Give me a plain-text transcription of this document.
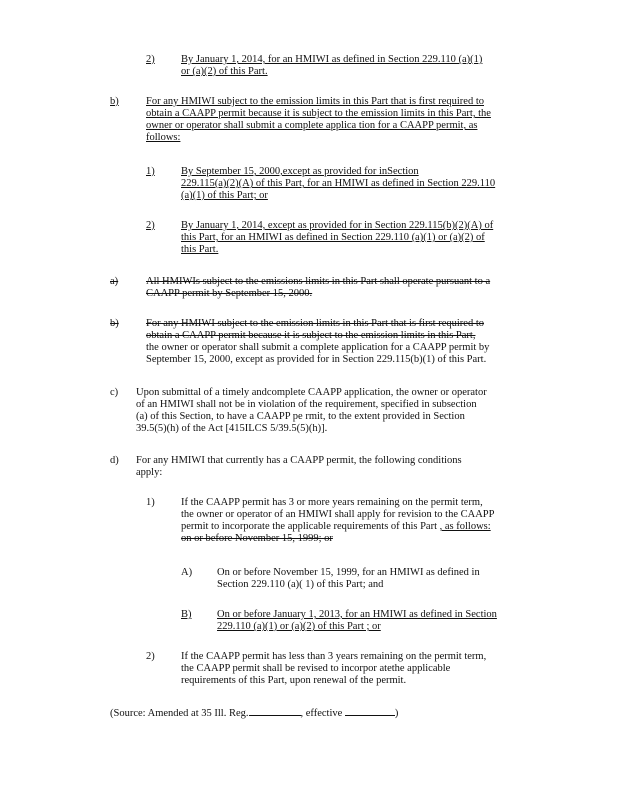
2)	By January 1, 2014, for an HMIWI as defined in Section 229.110 (a)(1)
or (a)(2) of this Part.
b)	For any HMIWI subject to the emission limits in this Part that is first required to
obtain a CAAPP permit because it is subject to the emission limits in this Part, the
owner or operator shall submit a complete applica tion for a CAAPP permit, as
follows:
1)	By September 15, 2000,except as provided for inSection
229.115(a)(2)(A) of this Part, for an HMIWI as defined in Section 229.110
(a)(1) of this Part; or
2)	By January 1, 2014, except as provided for in Section 229.115(b)(2)(A) of
this Part, for an HMIWI as defined in Section 229.110 (a)(1) or (a)(2) of
this Part.
a)	All HMIWIs subject to the emissions limits in this Part shall operate pursuant to a
CAAPP permit by September 15, 2000.
b)	For any HMIWI subject to the emission limits in this Part that is first required to
obtain a CAAPP permit because it is subject to the emission limits in this Part,
the owner or operator shall submit a complete application for a CAAPP permit by
September 15, 2000, except as provided for in Section 229.115(b)(1) of this Part.
c) Upon submittal of a timely andcomplete CAAPP application, the owner or operator
of an HMIWI shall not be in violation of the requirement, specified in subsection
(a) of this Section, to have a CAAPP pe rmit, to the extent provided in Section
39.5(5)(h) of the Act [415ILCS 5/39.5(5)(h)].
d) For any HMIWI that currently has a CAAPP permit, the following conditions
apply:
1)	If the CAAPP permit has 3 or more years remaining on the permit term,
the owner or operator of an HMIWI shall apply for revision to the CAAPP
permit to incorporate the applicable requirements of this Part , as follows:
on or before November 15, 1999; or
A) On or before November 15, 1999, for an HMIWI as defined in
Section 229.110 (a)( 1) of this Part; and
B) On or before January 1, 2013, for an HMIWI as defined in Section
229.110 (a)(1) or (a)(2) of this Part ; or
2)	If the CAAPP permit has less than 3 years remaining on the permit term,
the CAAPP permit shall be revised to incorpor atethe applicable
requirements of this Part, upon renewal of the permit.
(Source: Amended at 35 Ill. Reg.	, effective	)
